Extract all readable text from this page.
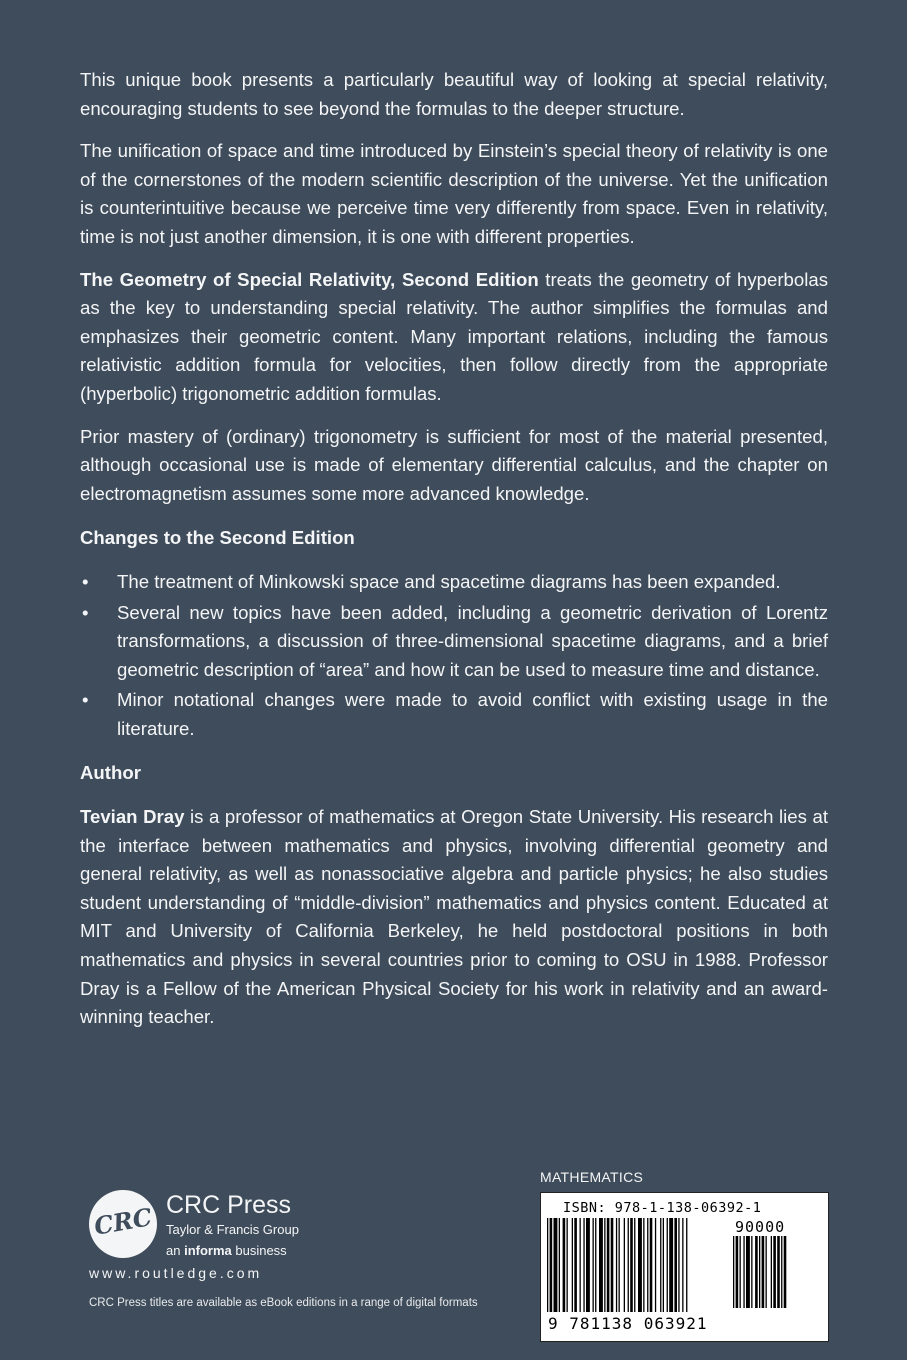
This unique book presents a particularly beautiful way of looking at special relativity, encouraging students to see beyond the formulas to the deeper structure.

The unification of space and time introduced by Einstein’s special theory of relativity is one of the cornerstones of the modern scientific description of the universe. Yet the unification is counterintuitive because we perceive time very differently from space. Even in relativity, time is not just another dimension, it is one with different properties.

The Geometry of Special Relativity, Second Edition treats the geometry of hyperbolas as the key to understanding special relativity. The author simplifies the formulas and emphasizes their geometric content. Many important relations, including the famous relativistic addition formula for velocities, then follow directly from the appropriate (hyperbolic) trigonometric addition formulas.

Prior mastery of (ordinary) trigonometry is sufficient for most of the material presented, although occasional use is made of elementary differential calculus, and the chapter on electromagnetism assumes some more advanced knowledge.

Changes to the Second Edition
• The treatment of Minkowski space and spacetime diagrams has been expanded.
• Several new topics have been added, including a geometric derivation of Lorentz transformations, a discussion of three-dimensional spacetime diagrams, and a brief geometric description of “area” and how it can be used to measure time and distance.
• Minor notational changes were made to avoid conflict with existing usage in the literature.
Author

Tevian Dray is a professor of mathematics at Oregon State University. His research lies at the interface between mathematics and physics, involving differential geometry and general relativity, as well as nonassociative algebra and particle physics; he also studies student understanding of “middle-division” mathematics and physics content. Educated at MIT and University of California Berkeley, he held postdoctoral positions in both mathematics and physics in several countries prior to coming to OSU in 1988. Professor Dray is a Fellow of the American Physical Society for his work in relativity and an award-winning teacher.

CRC CRC Press
Taylor & Francis Group
an informa business
www.routledge.com
CRC Press titles are available as eBook editions in a range of digital formats
MATHEMATICS
ISBN: 978-1-138-06392-1
90000
9 781138 063921
